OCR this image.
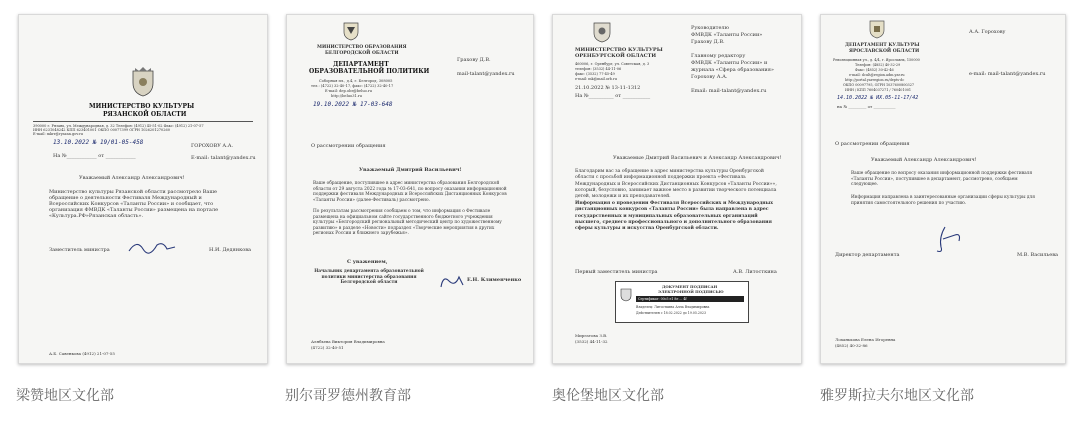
МИНИСТЕРСТВО КУЛЬТУРЫ
РЯЗАНСКОЙ ОБЛАСТИ
390000 г. Рязань, ул. Международная, д. 32 Телефон: (4912) 45-51-02 Факс: (4912) 21-07-57
ИНН 6231048242 КПП 623401001 ОКПО 00077399 ОГРН 1026201270260
E-mail: mkrr@ryazan.gov.ru
13.10.2022 № 19/01-05-458	ГОРОХОВУ А.А.
На №____________ от ____________	E-mail: talant@yandex.ru
Уважаемый Александр Александрович!
Министерство культуры Рязанской области рассмотрело Ваше обращение о деятельности Фестиваля Международный и Всероссийских Конкурсов «Таланты России» и сообщает, что организация ФМВДК «Таланты России» размещена на портале «Культура.РФ»Рязанская область».
Заместитель министра	Н.И. Дедянкова
А.Б. Савенкова (4912) 21-07-55
МИНИСТЕРСТВО ОБРАЗОВАНИЯ
БЕЛГОРОДСКОЙ ОБЛАСТИ
ДЕПАРТАМЕНТ
ОБРАЗОВАТЕЛЬНОЙ ПОЛИТИКИ
Соборная пл., д.4, г. Белгород, 308005
тел.: (4722) 32-40-17, факс: (4722) 32-40-17
E-mail: dep.obr@beluo.ru
http://beluo31.ru
19.10.2022 № 17-03-648
Грахову Д.В.
mail-talant@yandex.ru
О рассмотрении обращения
Уважаемый Дмитрий Васильевич!
Ваше обращение, поступившее в адрес министерства образования Белгородской области от 29 августа 2022 года № 17-03-641, по вопросу оказания информационной поддержки фестиваля Международных и Всероссийских Дистанционных Конкурсов «Таланты России» (далее-Фестиваль) рассмотрено.
По результатам рассмотрения сообщаем о том, что информация о Фестивале размещена на официальном сайте государственного бюджетного учреждения культуры «Белгородский региональный методический центр по художественному развитию» в разделе «Новости» подраздел «Творческие мероприятия в других регионах России и ближнего зарубежья».
С уважением,
Начальник департамента образовательной политики министерства образования Белгородской области	Е.Н. Клименченко
Алябьева Виктория Владимировна
(4722) 32-40-51
МИНИСТЕРСТВО КУЛЬТУРЫ
ОРЕНБУРГСКОЙ ОБЛАСТИ
460006, г. Оренбург, ул. Советская, д. 3
телефон: (3532) 44-11-06
факс: (3532) 77-45-49
e-mail: mk@mail.orb.ru
21.10.2022 № 13-11-1312
На №__________ от ___________
Руководителю
ФМВДК «Таланты России»
Грахову Д.В.
Главному редактору
ФМВДК «Таланты России» и
журнала «Сфера образования»
Горохову А.А.
Email: mail-talant@yandex.ru
Уважаемые Дмитрий Васильевич и Александр Александрович!
Благодарим вас за обращение в адрес министерства культуры Оренбургской области с просьбой информационной поддержки проекта «Фестиваль Международных и Всероссийских Дистанционных Конкурсов «Таланты России»», который, безусловно, занимает важное место в развитии творческого потенциала детей, молодежи и их преподавателей.
Информация о проведении Фестиваля Всероссийских и Международных дистанционных конкурсов «Таланты России» была направлена в адрес государственных и муниципальных образовательных организаций высшего, среднего профессионального и дополнительного образования сферы культуры и искусства Оренбургской области.
Первый заместитель министра	А.В. Литосткина
ДОКУМЕНТ ПОДПИСАН
ЭЛЕКТРОННОЙ ПОДПИСЬЮ
Сертификат: 00c5 e1 8e ... 4f
Владелец: Литосткина Алла Владимировна
Действителен с 18.02.2022 до 19.05.2023
Миргатова З.В.
(3532) 44-11-32
ДЕПАРТАМЕНТ КУЛЬТУРЫ
ЯРОСЛАВСКОЙ ОБЛАСТИ
Революционная ул., д. 4/4, г. Ярославль, 150000
Телефон: (4852) 40-32-29
Факс: (4852) 30-42-46
e-mail: dcult@region.adm.yar.ru
http://portal.yarregion.ru/depts-dc
ОКПО 00097795, ОГРН 1037600800327
ИНН / КПП 7604037271 / 760401001
14.10.2022 № ИХ.05-11-17/42
на № _________ от ___________
А.А. Горохову
e-mail: mail-talant@yandex.ru
О рассмотрении обращения
Уважаемый Александр Александрович!
Ваше обращение по вопросу оказания информационной поддержки фестиваля «Таланты России», поступившее в департамент, рассмотрено, сообщаем следующее.
Информация направлена в заинтересованные организации сферы культуры для принятия самостоятельного решения по участию.
Директор департамента	М.В. Васильева
Лоханькова Елена Игоревна
(4852) 40-32-86
梁赞地区文化部	别尔哥罗德州教育部	奥伦堡地区文化部	雅罗斯拉夫尔地区文化部
